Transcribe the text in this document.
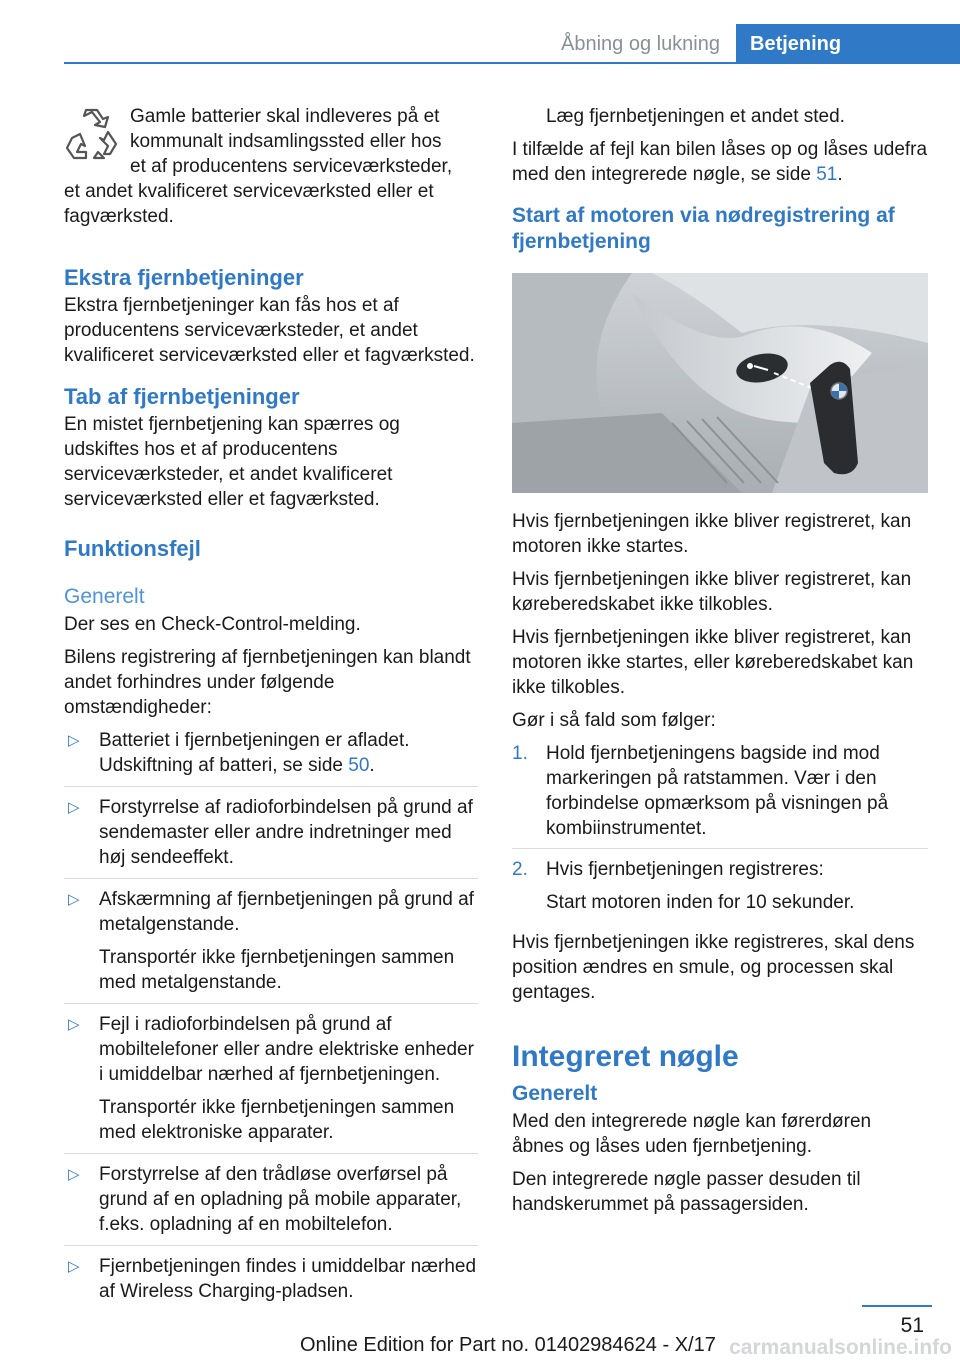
Åbning og lukning	Betjening
Gamle batterier skal indleveres på et
kommunalt indsamlingssted eller hos
et af producentens serviceværksteder,
et andet kvalificeret serviceværksted eller et fagværksted.
Ekstra fjernbetjeninger

Ekstra fjernbetjeninger kan fås hos et af producentens serviceværksteder, et andet kvalificeret serviceværksted eller et fagværksted.

Tab af fjernbetjeninger

En mistet fjernbetjening kan spærres og udskiftes hos et af producentens serviceværksteder, et andet kvalificeret serviceværksted eller et fagværksted.

Funktionsfejl
Generelt

Der ses en Check-Control-melding.

Bilens registrering af fjernbetjeningen kan blandt andet forhindres under følgende omstændigheder:

▷ Batteriet i fjernbetjeningen er afladet. Udskiftning af batteri, se side 50.
▷ Forstyrrelse af radioforbindelsen på grund af sendemaster eller andre indretninger med høj sendeeffekt.
▷ Afskærmning af fjernbetjeningen på grund af metalgenstande.
Transportér ikke fjernbetjeningen sammen med metalgenstande.
▷ Fejl i radioforbindelsen på grund af mobiltelefoner eller andre elektriske enheder i umiddelbar nærhed af fjernbetjeningen.
Transportér ikke fjernbetjeningen sammen med elektroniske apparater.
▷ Forstyrrelse af den trådløse overførsel på grund af en opladning på mobile apparater, f.eks. opladning af en mobiltelefon.
▷ Fjernbetjeningen findes i umiddelbar nærhed af Wireless Charging-pladsen.

Læg fjernbetjeningen et andet sted.

I tilfælde af fejl kan bilen låses op og låses udefra med den integrerede nøgle, se side 51.

Start af motoren via nødregistrering af fjernbetjening

Hvis fjernbetjeningen ikke bliver registreret, kan motoren ikke startes.

Hvis fjernbetjeningen ikke bliver registreret, kan køreberedskabet ikke tilkobles.

Hvis fjernbetjeningen ikke bliver registreret, kan motoren ikke startes, eller køreberedskabet kan ikke tilkobles.

Gør i så fald som følger:

1. Hold fjernbetjeningens bagside ind mod markeringen på ratstammen. Vær i den forbindelse opmærksom på visningen på kombiinstrumentet.
2. Hvis fjernbetjeningen registreres:
Start motoren inden for 10 sekunder.

Hvis fjernbetjeningen ikke registreres, skal dens position ændres en smule, og processen skal gentages.

Integreret nøgle
Generelt

Med den integrerede nøgle kan førerdøren åbnes og låses uden fjernbetjening.

Den integrerede nøgle passer desuden til handskerummet på passagersiden.

51
Online Edition for Part no. 01402984624 - X/17 carmanualsonline.info
